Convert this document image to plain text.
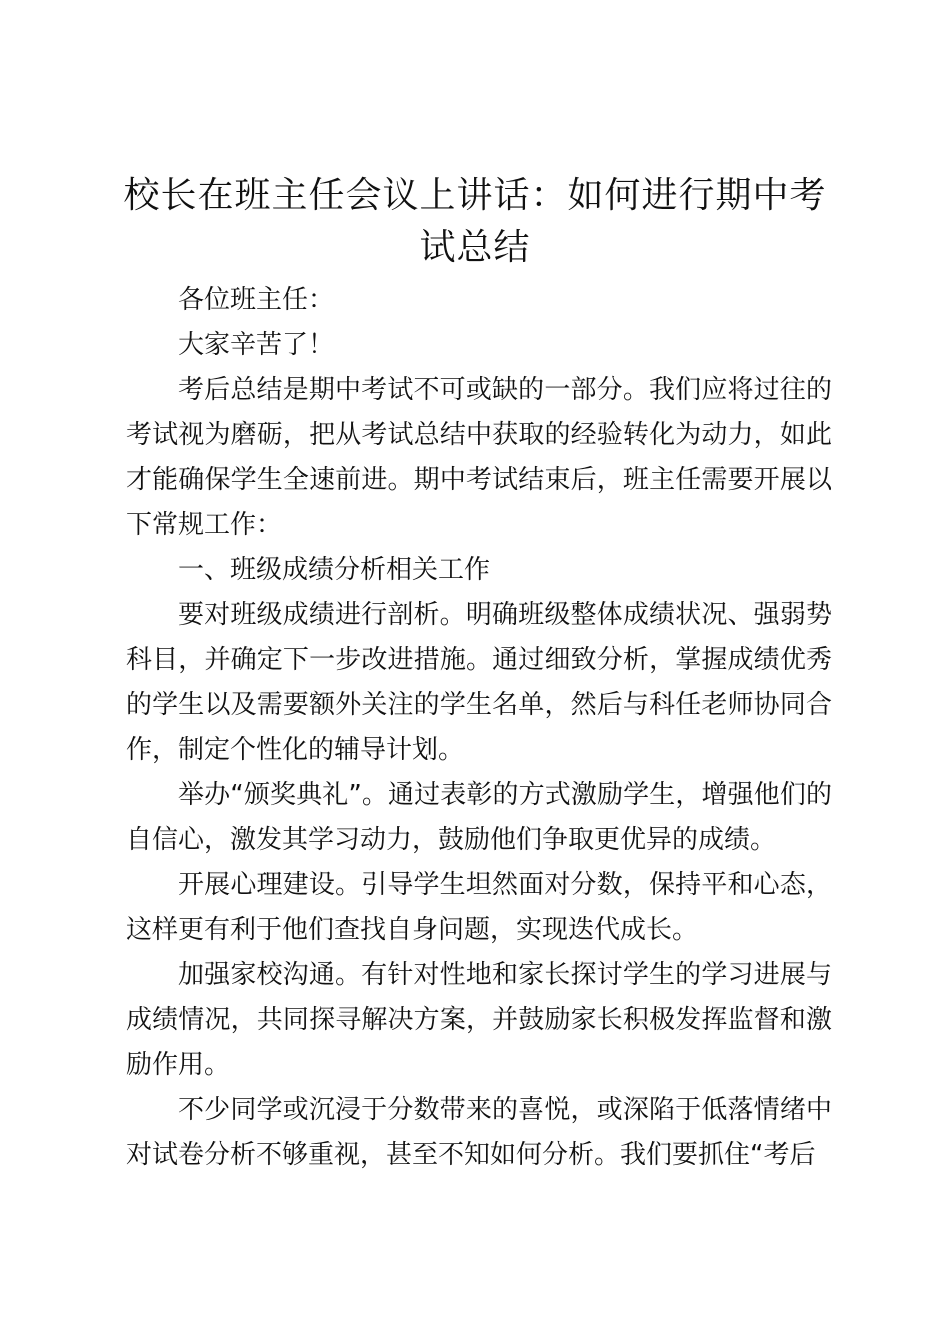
校长在班主任会议上讲话：如何进行期中考试总结

各位班主任：

大家辛苦了！

考后总结是期中考试不可或缺的一部分。我们应将过往的考试视为磨砺，把从考试总结中获取的经验转化为动力，如此才能确保学生全速前进。期中考试结束后，班主任需要开展以下常规工作：

一、班级成绩分析相关工作

要对班级成绩进行剖析。明确班级整体成绩状况、强弱势科目，并确定下一步改进措施。通过细致分析，掌握成绩优秀的学生以及需要额外关注的学生名单，然后与科任老师协同合作，制定个性化的辅导计划。

举办“颁奖典礼”。通过表彰的方式激励学生，增强他们的自信心，激发其学习动力，鼓励他们争取更优异的成绩。

开展心理建设。引导学生坦然面对分数，保持平和心态，这样更有利于他们查找自身问题，实现迭代成长。

加强家校沟通。有针对性地和家长探讨学生的学习进展与成绩情况，共同探寻解决方案，并鼓励家长积极发挥监督和激励作用。

不少同学或沉浸于分数带来的喜悦，或深陷于低落情绪中对试卷分析不够重视，甚至不知如何分析。我们要抓住“考后
